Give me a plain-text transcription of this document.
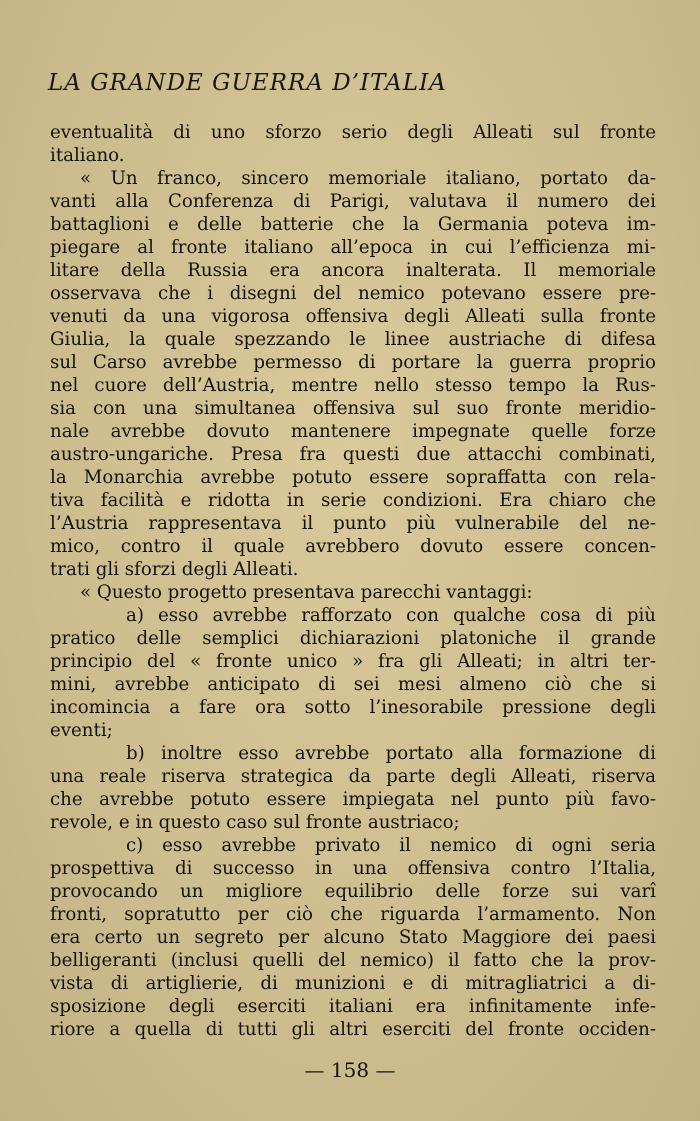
LA GRANDE GUERRA D’ITALIA
eventualità di uno sforzo serio degli Alleati sul fronte
italiano.
« Un franco, sincero memoriale italiano, portato da-
vanti alla Conferenza di Parigi, valutava il numero dei
battaglioni e delle batterie che la Germania poteva im-
piegare al fronte italiano all’epoca in cui l’efficienza mi-
litare della Russia era ancora inalterata. Il memoriale
osservava che i disegni del nemico potevano essere pre-
venuti da una vigorosa offensiva degli Alleati sulla fronte
Giulia, la quale spezzando le linee austriache di difesa
sul Carso avrebbe permesso di portare la guerra proprio
nel cuore dell’Austria, mentre nello stesso tempo la Rus-
sia con una simultanea offensiva sul suo fronte meridio-
nale avrebbe dovuto mantenere impegnate quelle forze
austro-ungariche. Presa fra questi due attacchi combinati,
la Monarchia avrebbe potuto essere sopraffatta con rela-
tiva facilità e ridotta in serie condizioni. Era chiaro che
l’Austria rappresentava il punto più vulnerabile del ne-
mico, contro il quale avrebbero dovuto essere concen-
trati gli sforzi degli Alleati.
« Questo progetto presentava parecchi vantaggi:
a) esso avrebbe rafforzato con qualche cosa di più
pratico delle semplici dichiarazioni platoniche il grande
principio del « fronte unico » fra gli Alleati; in altri ter-
mini, avrebbe anticipato di sei mesi almeno ciò che si
incomincia a fare ora sotto l’inesorabile pressione degli
eventi;
b) inoltre esso avrebbe portato alla formazione di
una reale riserva strategica da parte degli Alleati, riserva
che avrebbe potuto essere impiegata nel punto più favo-
revole, e in questo caso sul fronte austriaco;
c) esso avrebbe privato il nemico di ogni seria
prospettiva di successo in una offensiva contro l’Italia,
provocando un migliore equilibrio delle forze sui varî
fronti, sopratutto per ciò che riguarda l’armamento. Non
era certo un segreto per alcuno Stato Maggiore dei paesi
belligeranti (inclusi quelli del nemico) il fatto che la prov-
vista di artiglierie, di munizioni e di mitragliatrici a di-
sposizione degli eserciti italiani era infinitamente infe-
riore a quella di tutti gli altri eserciti del fronte occiden-
— 158 —
